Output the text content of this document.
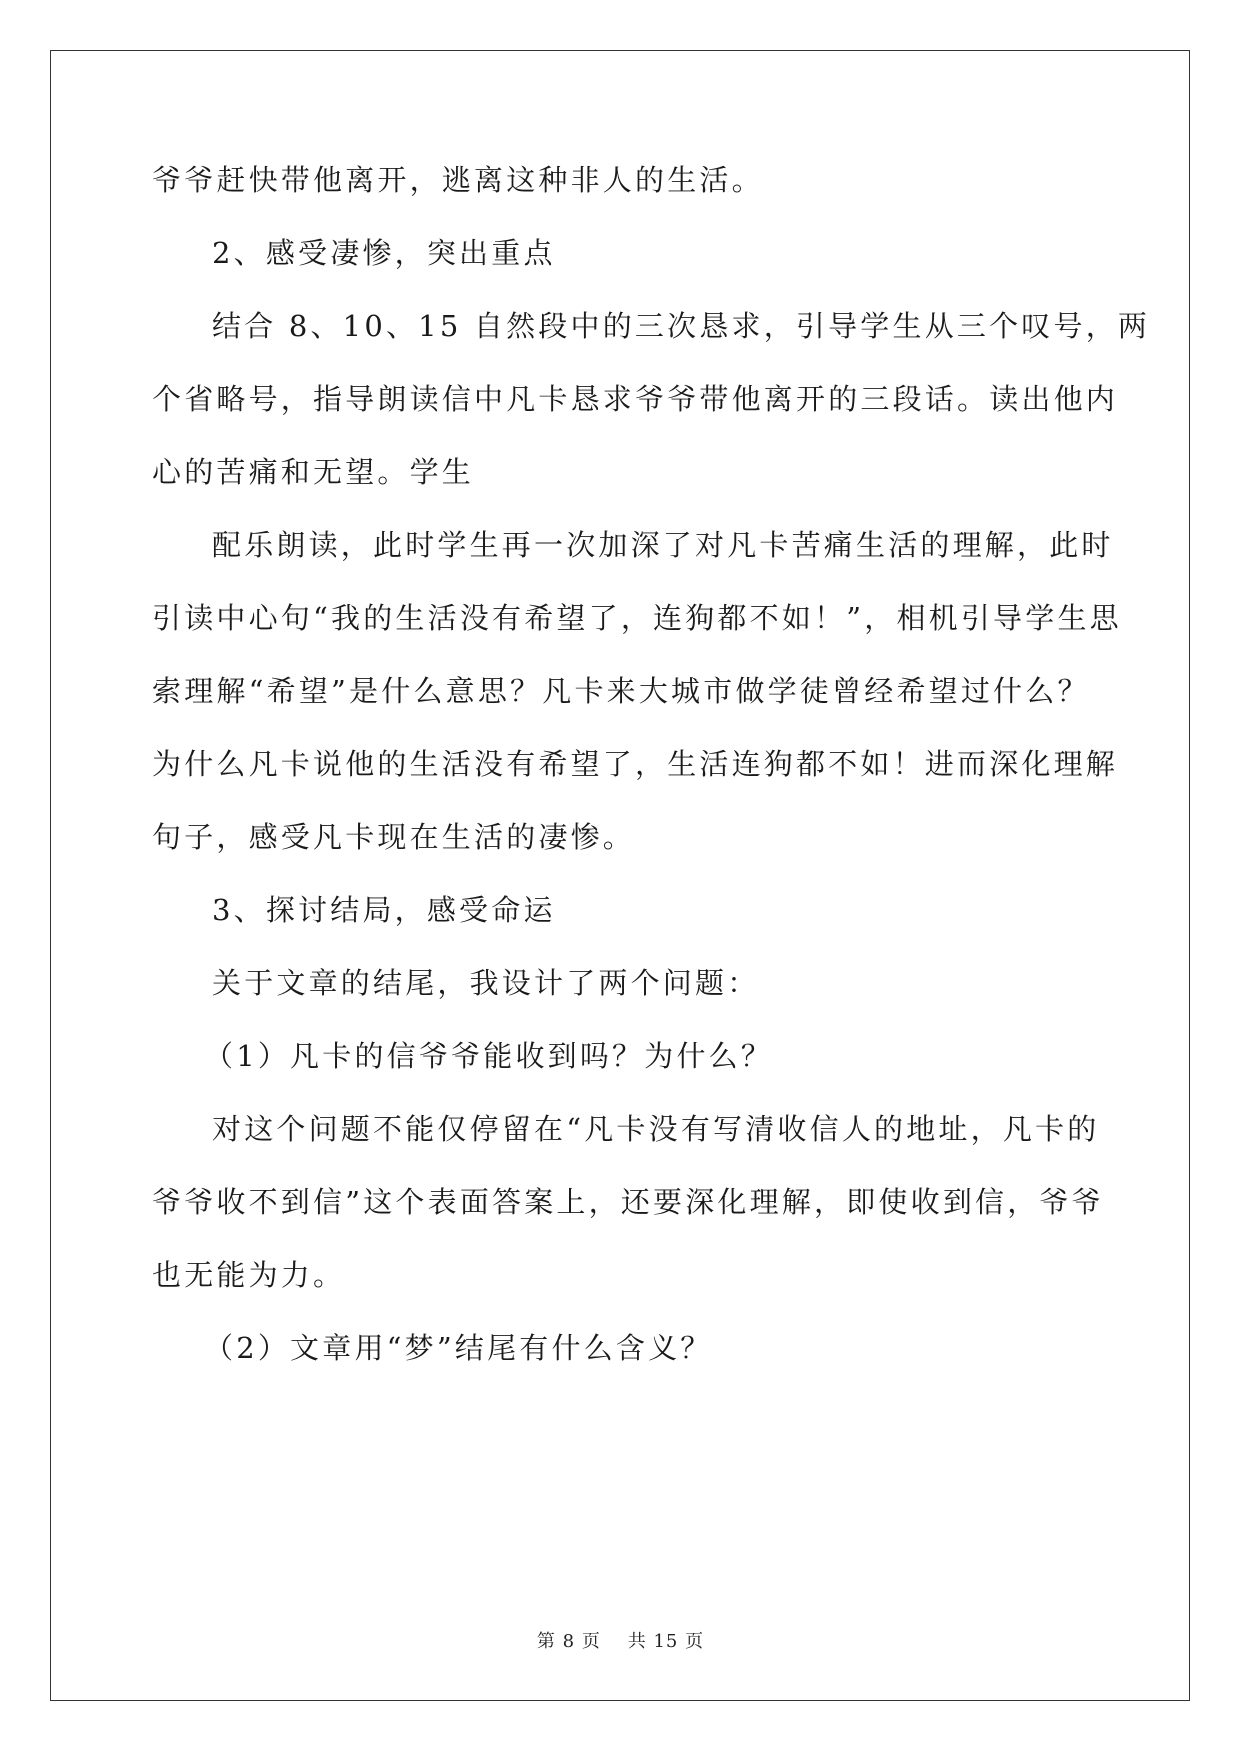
爷爷赶快带他离开，逃离这种非人的生活。
2、感受凄惨，突出重点
结合 8、10、15 自然段中的三次恳求，引导学生从三个叹号，两
个省略号，指导朗读信中凡卡恳求爷爷带他离开的三段话。读出他内
心的苦痛和无望。学生
配乐朗读，此时学生再一次加深了对凡卡苦痛生活的理解，此时
引读中心句“我的生活没有希望了，连狗都不如！”，相机引导学生思
索理解“希望”是什么意思？凡卡来大城市做学徒曾经希望过什么？
为什么凡卡说他的生活没有希望了，生活连狗都不如！进而深化理解
句子，感受凡卡现在生活的凄惨。
3、探讨结局，感受命运
关于文章的结尾，我设计了两个问题：
（1）凡卡的信爷爷能收到吗？为什么？
对这个问题不能仅停留在“凡卡没有写清收信人的地址，凡卡的
爷爷收不到信”这个表面答案上，还要深化理解，即使收到信，爷爷
也无能为力。
（2）文章用“梦”结尾有什么含义？
第 8 页 共 15 页
